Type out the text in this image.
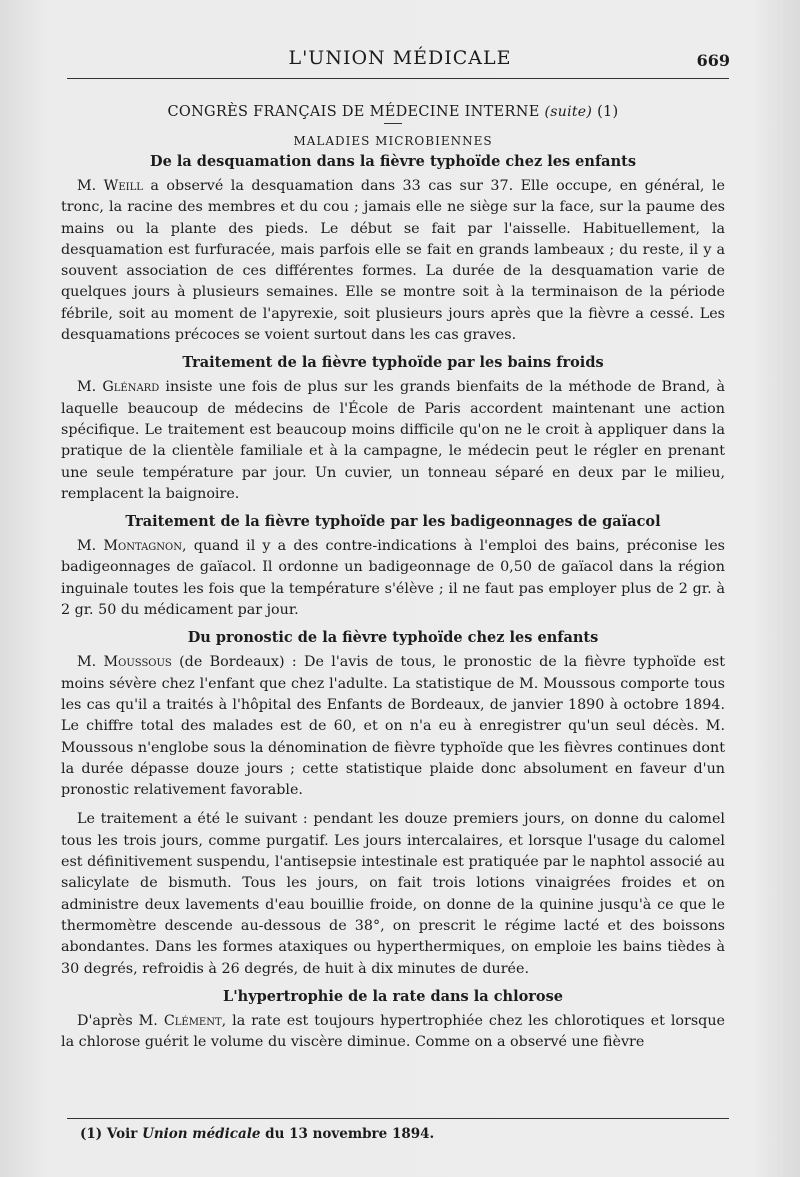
L'UNION MÉDICALE	669
CONGRÈS FRANÇAIS DE MÉDECINE INTERNE (suite) (1)
MALADIES MICROBIENNES
De la desquamation dans la fièvre typhoïde chez les enfants

M. Weill a observé la desquamation dans 33 cas sur 37. Elle occupe, en général, le tronc, la racine des membres et du cou ; jamais elle ne siège sur la face, sur la paume des mains ou la plante des pieds. Le début se fait par l'aisselle. Habituellement, la desquamation est furfuracée, mais parfois elle se fait en grands lambeaux ; du reste, il y a souvent association de ces différentes formes. La durée de la desquamation varie de quelques jours à plusieurs semaines. Elle se montre soit à la terminaison de la période fébrile, soit au moment de l'apyrexie, soit plusieurs jours après que la fièvre a cessé. Les desquamations précoces se voient surtout dans les cas graves.

Traitement de la fièvre typhoïde par les bains froids

M. Glénard insiste une fois de plus sur les grands bienfaits de la méthode de Brand, à laquelle beaucoup de médecins de l'École de Paris accordent maintenant une action spécifique. Le traitement est beaucoup moins difficile qu'on ne le croit à appliquer dans la pratique de la clientèle familiale et à la campagne, le médecin peut le régler en prenant une seule température par jour. Un cuvier, un tonneau séparé en deux par le milieu, remplacent la baignoire.

Traitement de la fièvre typhoïde par les badigeonnages de gaïacol

M. Montagnon, quand il y a des contre-indications à l'emploi des bains, préconise les badigeonnages de gaïacol. Il ordonne un badigeonnage de 0,50 de gaïacol dans la région inguinale toutes les fois que la température s'élève ; il ne faut pas employer plus de 2 gr. à 2 gr. 50 du médicament par jour.

Du pronostic de la fièvre typhoïde chez les enfants

M. Moussous (de Bordeaux) : De l'avis de tous, le pronostic de la fièvre typhoïde est moins sévère chez l'enfant que chez l'adulte. La statistique de M. Moussous comporte tous les cas qu'il a traités à l'hôpital des Enfants de Bordeaux, de janvier 1890 à octobre 1894. Le chiffre total des malades est de 60, et on n'a eu à enregistrer qu'un seul décès. M. Moussous n'englobe sous la dénomination de fièvre typhoïde que les fièvres continues dont la durée dépasse douze jours ; cette statistique plaide donc absolument en faveur d'un pronostic relativement favorable.

Le traitement a été le suivant : pendant les douze premiers jours, on donne du calomel tous les trois jours, comme purgatif. Les jours intercalaires, et lorsque l'usage du calomel est définitivement suspendu, l'antisepsie intestinale est pratiquée par le naphtol associé au salicylate de bismuth. Tous les jours, on fait trois lotions vinaigrées froides et on administre deux lavements d'eau bouillie froide, on donne de la quinine jusqu'à ce que le thermomètre descende au-dessous de 38°, on prescrit le régime lacté et des boissons abondantes. Dans les formes ataxiques ou hyperthermiques, on emploie les bains tièdes à 30 degrés, refroidis à 26 degrés, de huit à dix minutes de durée.

L'hypertrophie de la rate dans la chlorose

D'après M. Clément, la rate est toujours hypertrophiée chez les chlorotiques et lorsque la chlorose guérit le volume du viscère diminue. Comme on a observé une fièvre

(1) Voir Union médicale du 13 novembre 1894.
